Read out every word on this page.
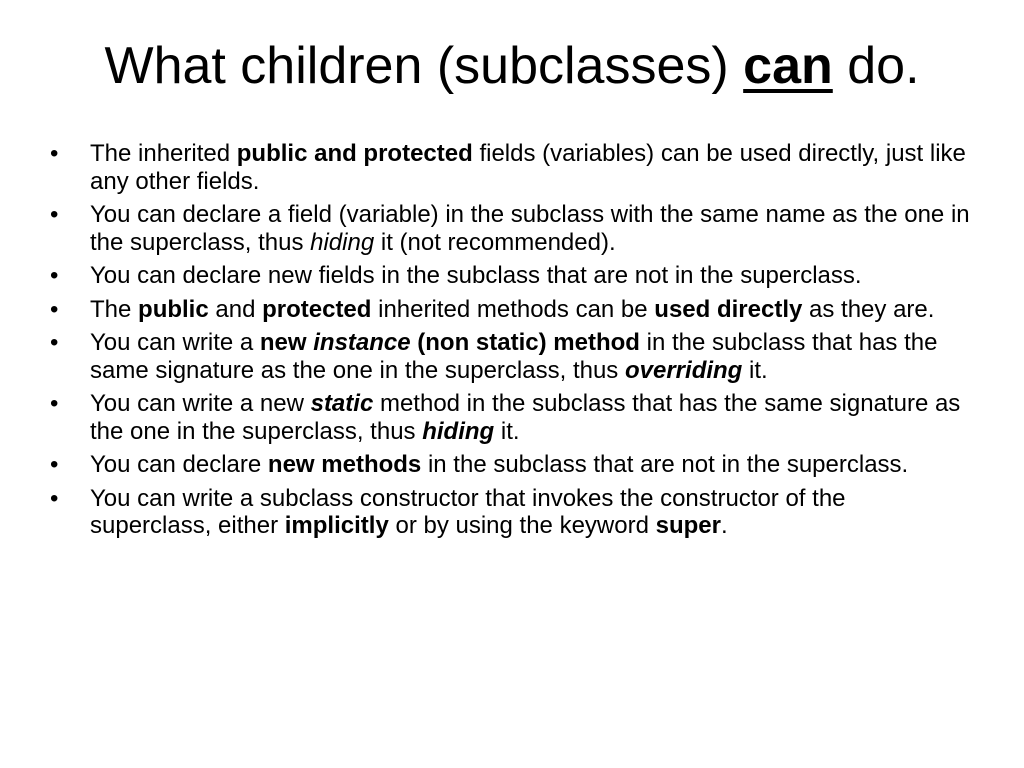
What children (subclasses) can do.
•	The inherited public and protected fields (variables) can be used directly, just like any other fields.
•	You can declare a field (variable) in the subclass with the same name as the one in the superclass, thus hiding it (not recommended).
•	You can declare new fields in the subclass that are not in the superclass.
•	The public and protected inherited methods can be used directly as they are.
•	You can write a new instance (non static) method in the subclass that has the same signature as the one in the superclass, thus overriding it.
•	You can write a new static method in the subclass that has the same signature as the one in the superclass, thus hiding it.
•	You can declare new methods in the subclass that are not in the superclass.
•	You can write a subclass constructor that invokes the constructor of the superclass, either implicitly or by using the keyword super.
